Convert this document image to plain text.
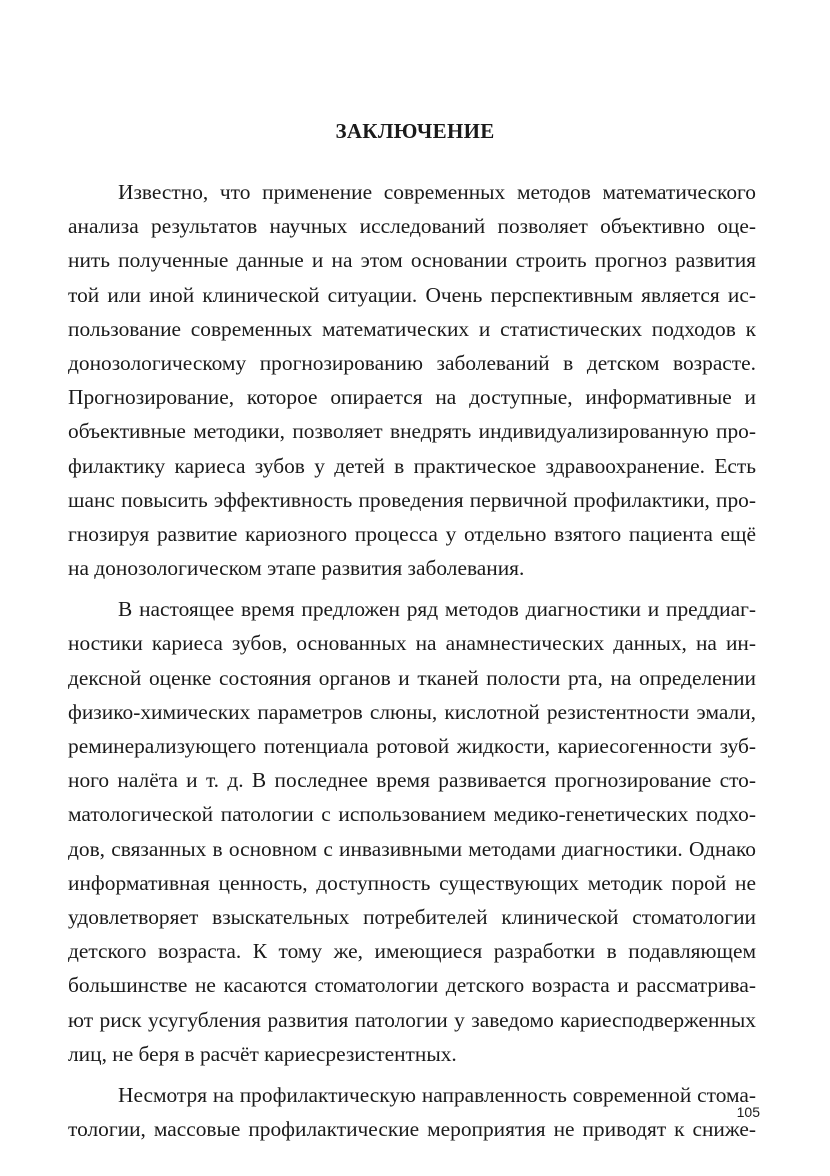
ЗАКЛЮЧЕНИЕ
Известно, что применение современных методов математического
анализа результатов научных исследований позволяет объективно оце-
нить полученные данные и на этом основании строить прогноз развития
той или иной клинической ситуации. Очень перспективным является ис-
пользование современных математических и статистических подходов к
донозологическому прогнозированию заболеваний в детском возрасте.
Прогнозирование, которое опирается на доступные, информативные и
объективные методики, позволяет внедрять индивидуализированную про-
филактику кариеса зубов у детей в практическое здравоохранение. Есть
шанс повысить эффективность проведения первичной профилактики, про-
гнозируя развитие кариозного процесса у отдельно взятого пациента ещё
на донозологическом этапе развития заболевания.
В настоящее время предложен ряд методов диагностики и преддиаг-
ностики кариеса зубов, основанных на анамнестических данных, на ин-
дексной оценке состояния органов и тканей полости рта, на определении
физико-химических параметров слюны, кислотной резистентности эмали,
реминерализующего потенциала ротовой жидкости, кариесогенности зуб-
ного налёта и т. д. В последнее время развивается прогнозирование сто-
матологической патологии с использованием медико-генетических подхо-
дов, связанных в основном с инвазивными методами диагностики. Однако
информативная ценность, доступность существующих методик порой не
удовлетворяет взыскательных потребителей клинической стоматологии
детского возраста. К тому же, имеющиеся разработки в подавляющем
большинстве не касаются стоматологии детского возраста и рассматрива-
ют риск усугубления развития патологии у заведомо кариесподверженных
лиц, не беря в расчёт кариесрезистентных.
Несмотря на профилактическую направленность современной стома-
тологии, массовые профилактические мероприятия не приводят к сниже-
105
